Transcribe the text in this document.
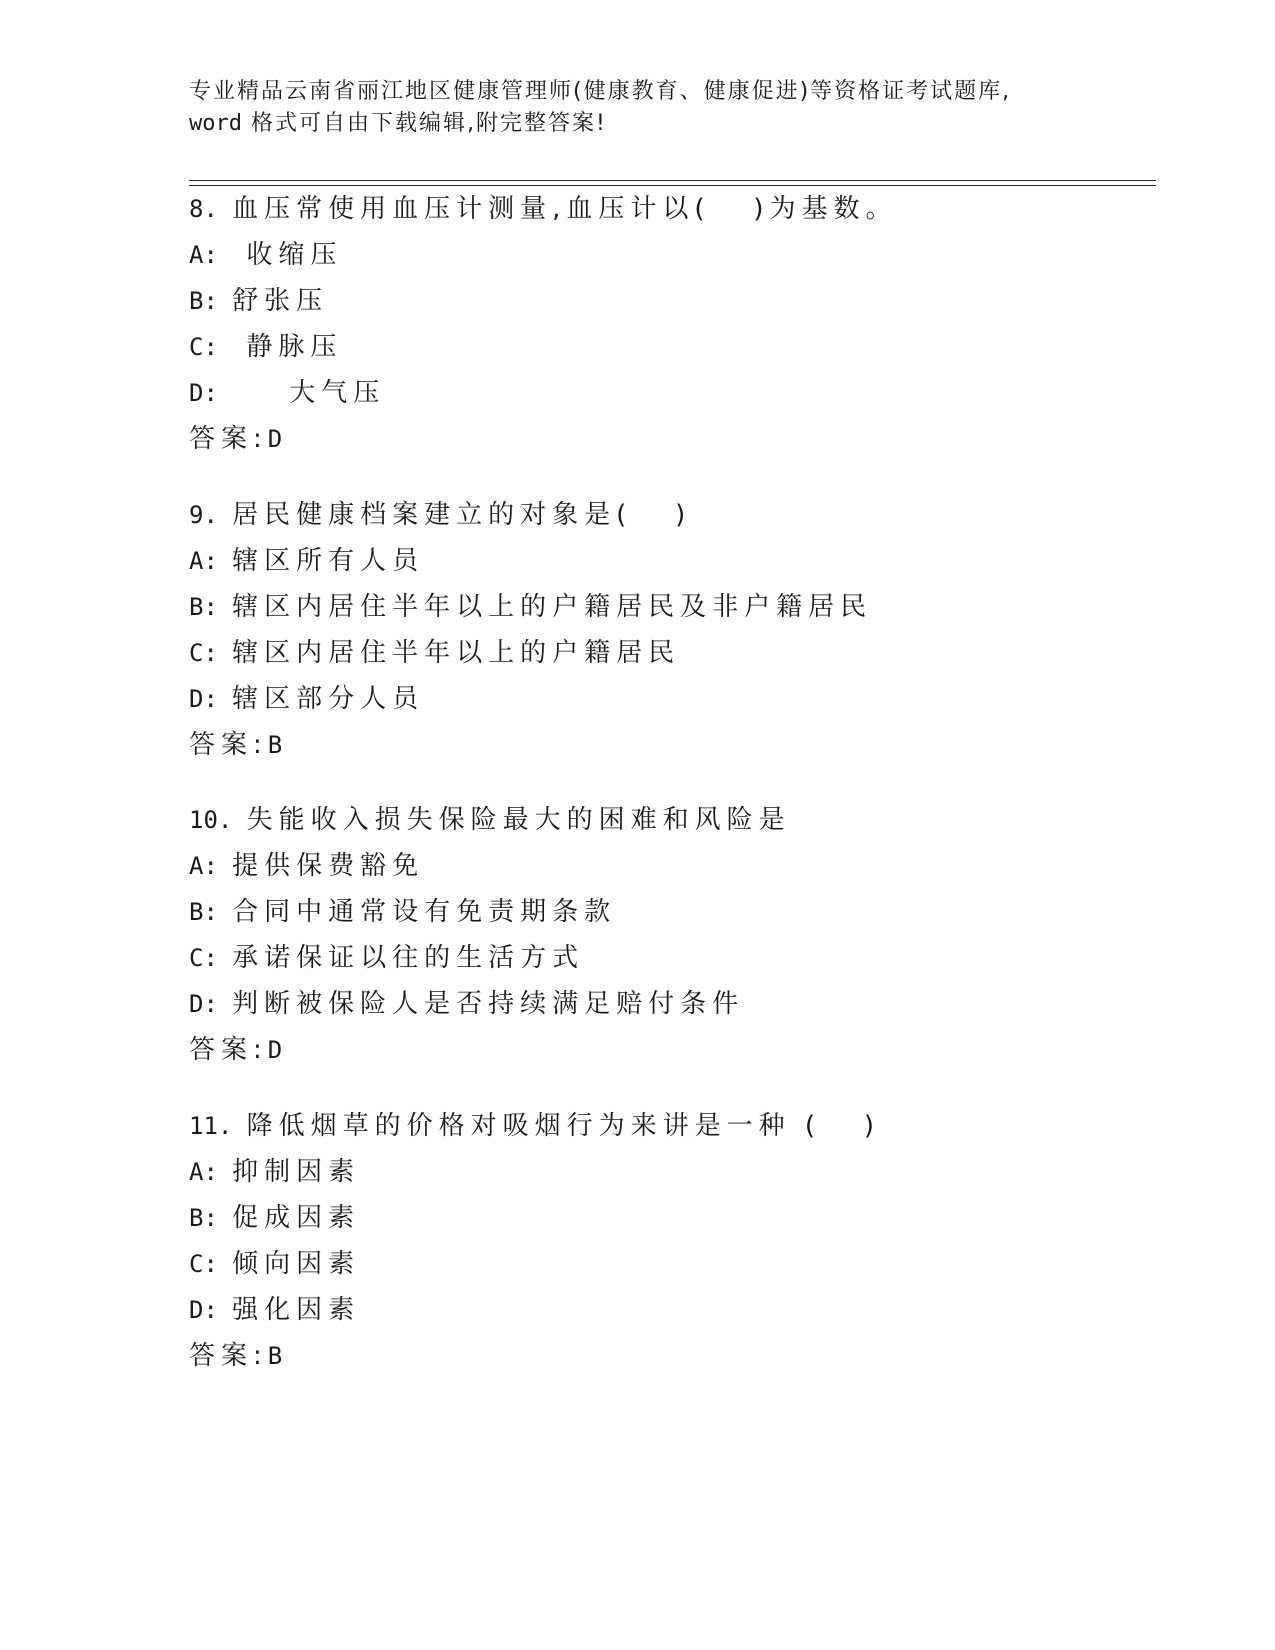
专业精品云南省丽江地区健康管理师(健康教育、健康促进)等资格证考试题库,
word 格式可自由下载编辑,附完整答案!
8. 血压常使用血压计测量,血压计以(   )为基数。
A:  收缩压
B: 舒张压
C:  静脉压
D:     大气压
答案:D
9. 居民健康档案建立的对象是(   )
A: 辖区所有人员
B: 辖区内居住半年以上的户籍居民及非户籍居民
C: 辖区内居住半年以上的户籍居民
D: 辖区部分人员
答案:B
10. 失能收入损失保险最大的困难和风险是
A: 提供保费豁免
B: 合同中通常设有免责期条款
C: 承诺保证以往的生活方式
D: 判断被保险人是否持续满足赔付条件
答案:D
11. 降低烟草的价格对吸烟行为来讲是一种 (   )
A: 抑制因素
B: 促成因素
C: 倾向因素
D: 强化因素
答案:B
